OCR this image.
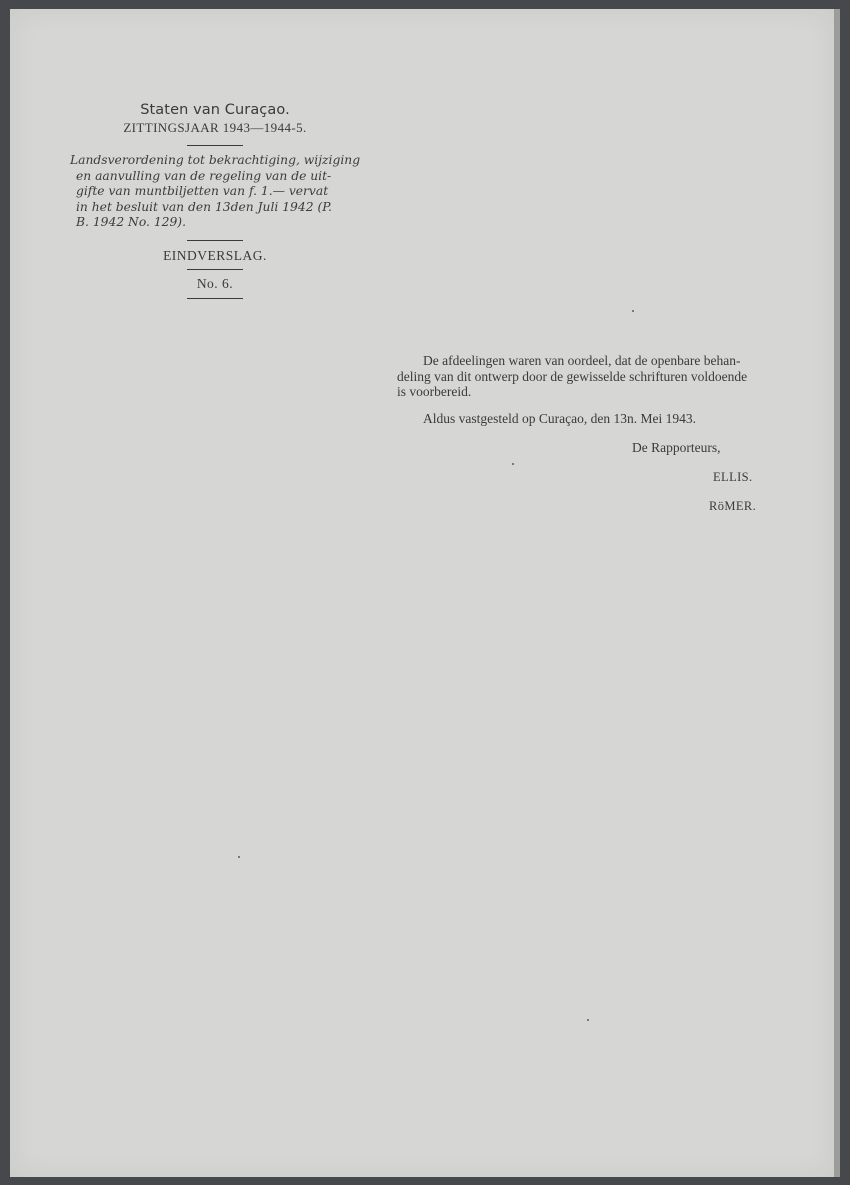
Staten van Curaçao.
ZITTINGSJAAR 1943—1944-5.
Landsverordening tot bekrachtiging, wijziging
en aanvulling van de regeling van de uit-
gifte van muntbiljetten van f. 1.— vervat
in het besluit van den 13den Juli 1942 (P.
B. 1942 No. 129).
EINDVERSLAG.
No. 6.
De afdeelingen waren van oordeel, dat de openbare behan-
deling van dit ontwerp door de gewisselde schrifturen voldoende
is voorbereid.
Aldus vastgesteld op Curaçao, den 13n. Mei 1943.
De Rapporteurs,
ELLIS.
RöMER.
